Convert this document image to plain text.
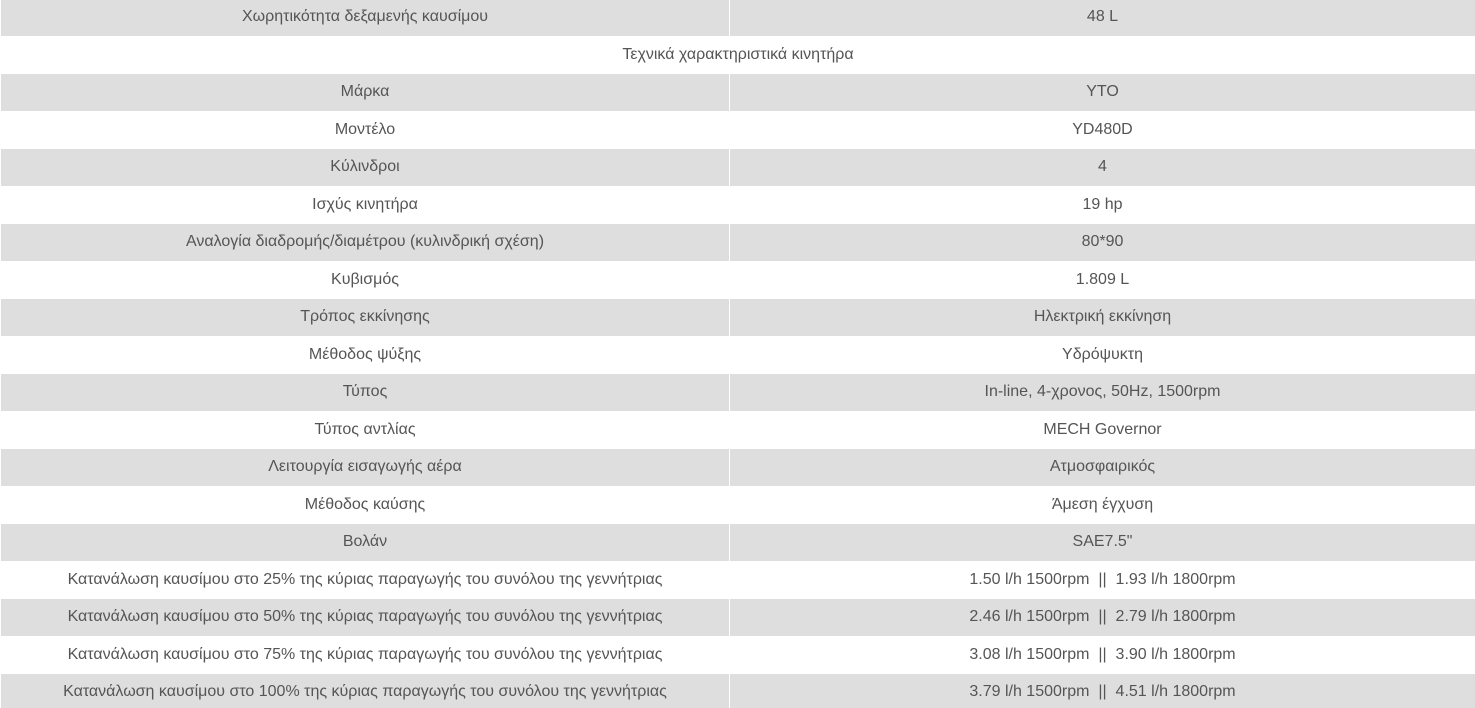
Χωρητικότητα δεξαμενής καυσίμου	48 L
Τεχνικά χαρακτηριστικά κινητήρα	
Μάρκα	YTO
Μοντέλο	YD480D
Κύλινδροι	4
Ισχύς κινητήρα	19 hp
Αναλογία διαδρομής/διαμέτρου (κυλινδρική σχέση)	80*90
Κυβισμός	1.809 L
Τρόπος εκκίνησης	Ηλεκτρική εκκίνηση
Μέθοδος ψύξης	Υδρόψυκτη
Τύπος	In-line, 4-χρονος, 50Hz, 1500rpm
Τύπος αντλίας	MECH Governor
Λειτουργία εισαγωγής αέρα	Ατμοσφαιρικός
Μέθοδος καύσης	Άμεση έγχυση
Βολάν	SAE7.5"
Κατανάλωση καυσίμου στο 25% της κύριας παραγωγής του συνόλου της γεννήτριας	1.50 l/h 1500rpm  ||  1.93 l/h 1800rpm
Κατανάλωση καυσίμου στο 50% της κύριας παραγωγής του συνόλου της γεννήτριας	2.46 l/h 1500rpm  ||  2.79 l/h 1800rpm
Κατανάλωση καυσίμου στο 75% της κύριας παραγωγής του συνόλου της γεννήτριας	3.08 l/h 1500rpm  ||  3.90 l/h 1800rpm
Κατανάλωση καυσίμου στο 100% της κύριας παραγωγής του συνόλου της γεννήτριας	3.79 l/h 1500rpm  ||  4.51 l/h 1800rpm
